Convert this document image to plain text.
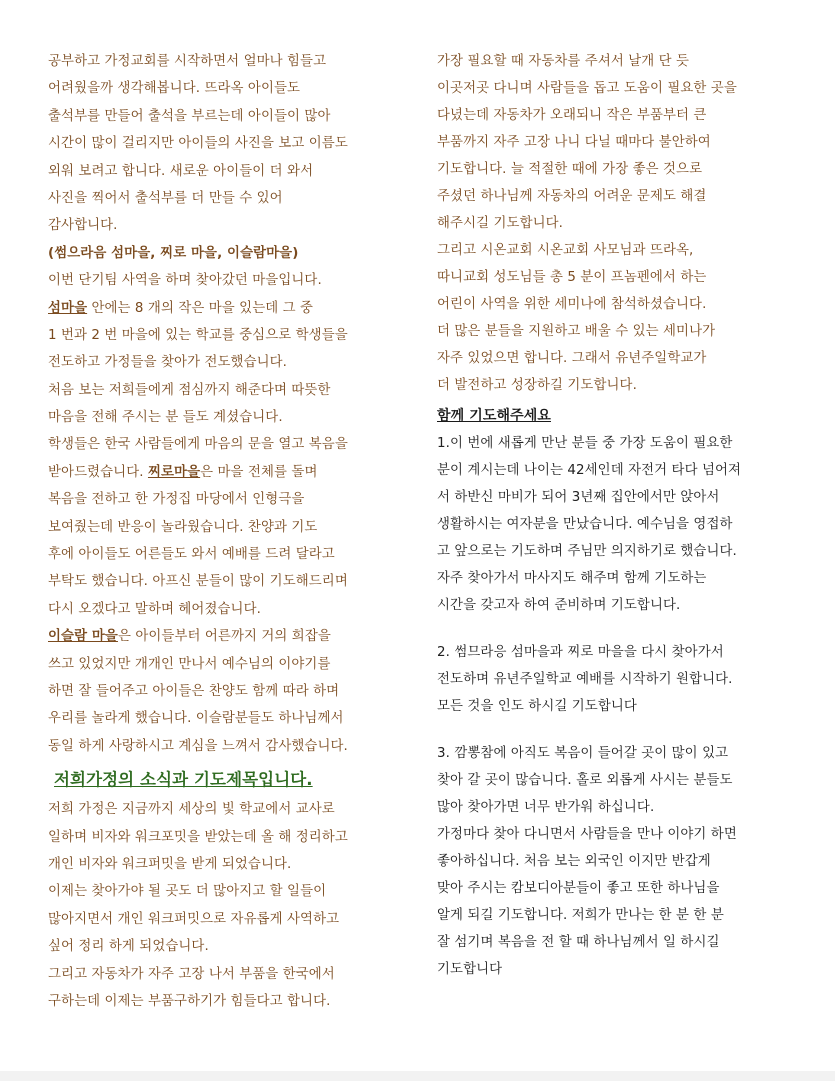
공부하고 가정교회를 시작하면서 얼마나 힘들고
어려웠을까 생각해봅니다. 뜨라옥 아이들도
출석부를 만들어 출석을 부르는데 아이들이 많아
시간이 많이 걸리지만 아이들의 사진을 보고 이름도
외워 보려고 합니다. 새로운 아이들이 더 와서
사진을 찍어서 출석부를 더 만들 수 있어
감사합니다.
(썸으라음 섬마을, 찌로 마을, 이슬람마을)
이번 단기팀 사역을 하며 찾아갔던 마을입니다.
섬마을 안에는 8 개의 작은 마을 있는데 그 중
1 번과 2 번 마을에 있는 학교를 중심으로 학생들을
전도하고 가정들을 찾아가 전도했습니다.
처음 보는 저희들에게 점심까지 해준다며 따뜻한
마음을 전해 주시는 분 들도 계셨습니다.
학생들은 한국 사람들에게 마음의 문을 열고 복음을
받아드렸습니다. 찌로마을은 마을 전체를 돌며
복음을 전하고 한 가정집 마당에서 인형극을
보여줬는데 반응이 놀라웠습니다. 찬양과 기도
후에 아이들도 어른들도 와서 예배를 드려 달라고
부탁도 했습니다. 아프신 분들이 많이 기도해드리며
다시 오겠다고 말하며 헤어졌습니다.
이슬람 마을은 아이들부터 어른까지 거의 희잡을
쓰고 있었지만 개개인 만나서 예수님의 이야기를
하면 잘 들어주고 아이들은 찬양도 함께 따라 하며
우리를 놀라게 했습니다. 이슬람분들도 하나님께서
동일 하게 사랑하시고 계심을 느껴서 감사했습니다.
저희가정의 소식과 기도제목입니다.
저희 가정은 지금까지 세상의 빛 학교에서 교사로
일하며 비자와 워크포밋을 받았는데 올 해 정리하고
개인 비자와 워크퍼밋을 받게 되었습니다.
이제는 찾아가야 될 곳도 더 많아지고 할 일들이
많아지면서 개인 워크퍼밋으로 자유롭게 사역하고
싶어 정리 하게 되었습니다.
그리고 자동차가 자주 고장 나서 부품을 한국에서
구하는데 이제는 부품구하기가 힘들다고 합니다.
가장 필요할 때 자동차를 주셔서 날개 단 듯
이곳저곳 다니며 사람들을 돕고 도움이 필요한 곳을
다녔는데 자동차가 오래되니 작은 부품부터 큰
부품까지 자주 고장 나니 다닐 때마다 불안하여
기도합니다. 늘 적절한 때에 가장 좋은 것으로
주셨던 하나님께 자동차의 어려운 문제도 해결
해주시길 기도합니다.
그리고 시온교회 시온교회 사모님과 뜨라옥,
따니교회 성도님들 총 5 분이 프놈펜에서 하는
어린이 사역을 위한 세미나에 참석하셨습니다.
더 많은 분들을 지원하고 배울 수 있는 세미나가
자주 있었으면 합니다. 그래서 유년주일학교가
더 발전하고 성장하길 기도합니다.
함께 기도해주세요
1.이 번에 새롭게 만난 분들 중 가장 도움이 필요한
분이 계시는데 나이는 42세인데 자전거 타다 넘어져
서 하반신 마비가 되어 3년째 집안에서만 앉아서
생활하시는 여자분을 만났습니다. 예수님을 영접하
고 앞으로는 기도하며 주님만 의지하기로 했습니다.
자주 찾아가서 마사지도 해주며 함께 기도하는
시간을 갖고자 하여 준비하며 기도합니다.
2. 썸므라응 섬마을과 찌로 마을을 다시 찾아가서
전도하며 유년주일학교 예배를 시작하기 원합니다.
모든 것을 인도 하시길 기도합니다
3. 깜뽕참에 아직도 복음이 들어갈 곳이 많이 있고
찾아 갈 곳이 많습니다. 홀로 외롭게 사시는 분들도
많아 찾아가면 너무 반가워 하십니다.
가정마다 찾아 다니면서 사람들을 만나 이야기 하면
좋아하십니다. 처음 보는 외국인 이지만 반갑게
맞아 주시는 캄보디아분들이 좋고 또한 하나님을
알게 되길 기도합니다. 저희가 만나는 한 분 한 분
잘 섬기며 복음을 전 할 때 하나님께서 일 하시길
기도합니다
